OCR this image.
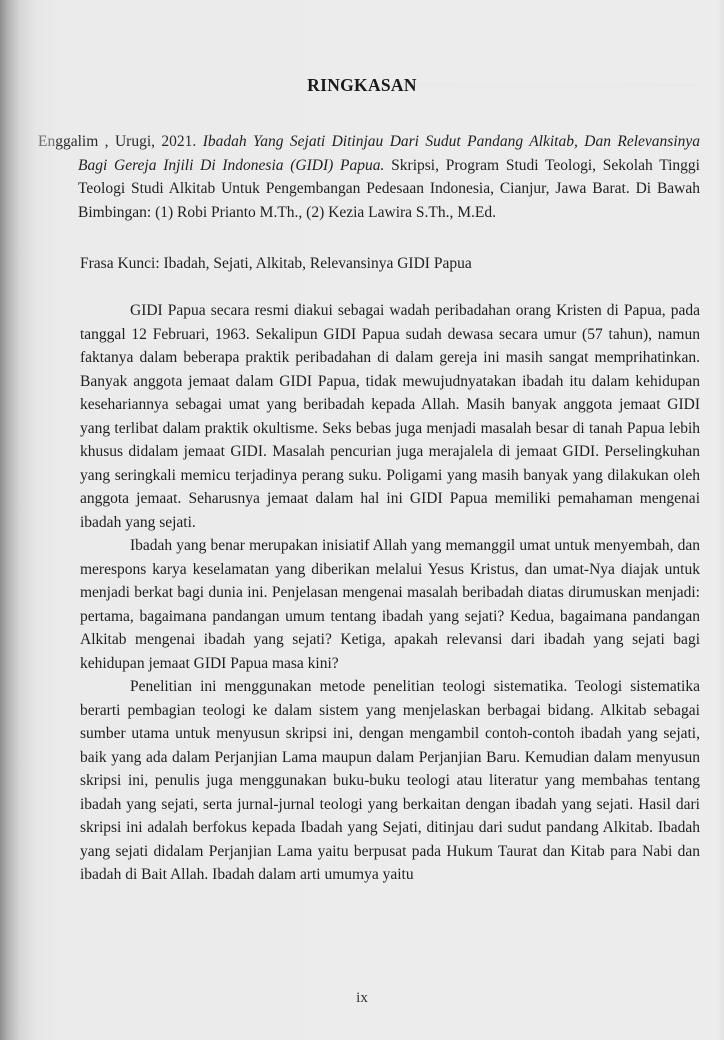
RINGKASAN

Enggalim , Urugi, 2021. Ibadah Yang Sejati Ditinjau Dari Sudut Pandang Alkitab, Dan Relevansinya Bagi Gereja Injili Di Indonesia (GIDI) Papua. Skripsi, Program Studi Teologi, Sekolah Tinggi Teologi Studi Alkitab Untuk Pengembangan Pedesaan Indonesia, Cianjur, Jawa Barat. Di Bawah Bimbingan: (1) Robi Prianto M.Th., (2) Kezia Lawira S.Th., M.Ed.

Frasa Kunci: Ibadah, Sejati, Alkitab, Relevansinya GIDI Papua

GIDI Papua secara resmi diakui sebagai wadah peribadahan orang Kristen di Papua, pada tanggal 12 Februari, 1963. Sekalipun GIDI Papua sudah dewasa secara umur (57 tahun), namun faktanya dalam beberapa praktik peribadahan di dalam gereja ini masih sangat memprihatinkan. Banyak anggota jemaat dalam GIDI Papua, tidak mewujudnyatakan ibadah itu dalam kehidupan kesehariannya sebagai umat yang beribadah kepada Allah. Masih banyak anggota jemaat GIDI yang terlibat dalam praktik okultisme. Seks bebas juga menjadi masalah besar di tanah Papua lebih khusus didalam jemaat GIDI. Masalah pencurian juga merajalela di jemaat GIDI. Perselingkuhan yang seringkali memicu terjadinya perang suku. Poligami yang masih banyak yang dilakukan oleh anggota jemaat. Seharusnya jemaat dalam hal ini GIDI Papua memiliki pemahaman mengenai ibadah yang sejati.

Ibadah yang benar merupakan inisiatif Allah yang memanggil umat untuk menyembah, dan merespons karya keselamatan yang diberikan melalui Yesus Kristus, dan umat-Nya diajak untuk menjadi berkat bagi dunia ini. Penjelasan mengenai masalah beribadah diatas dirumuskan menjadi: pertama, bagaimana pandangan umum tentang ibadah yang sejati? Kedua, bagaimana pandangan Alkitab mengenai ibadah yang sejati? Ketiga, apakah relevansi dari ibadah yang sejati bagi kehidupan jemaat GIDI Papua masa kini?

Penelitian ini menggunakan metode penelitian teologi sistematika. Teologi sistematika berarti pembagian teologi ke dalam sistem yang menjelaskan berbagai bidang. Alkitab sebagai sumber utama untuk menyusun skripsi ini, dengan mengambil contoh-contoh ibadah yang sejati, baik yang ada dalam Perjanjian Lama maupun dalam Perjanjian Baru. Kemudian dalam menyusun skripsi ini, penulis juga menggunakan buku-buku teologi atau literatur yang membahas tentang ibadah yang sejati, serta jurnal-jurnal teologi yang berkaitan dengan ibadah yang sejati. Hasil dari skripsi ini adalah berfokus kepada Ibadah yang Sejati, ditinjau dari sudut pandang Alkitab. Ibadah yang sejati didalam Perjanjian Lama yaitu berpusat pada Hukum Taurat dan Kitab para Nabi dan ibadah di Bait Allah. Ibadah dalam arti umumya yaitu

ix
